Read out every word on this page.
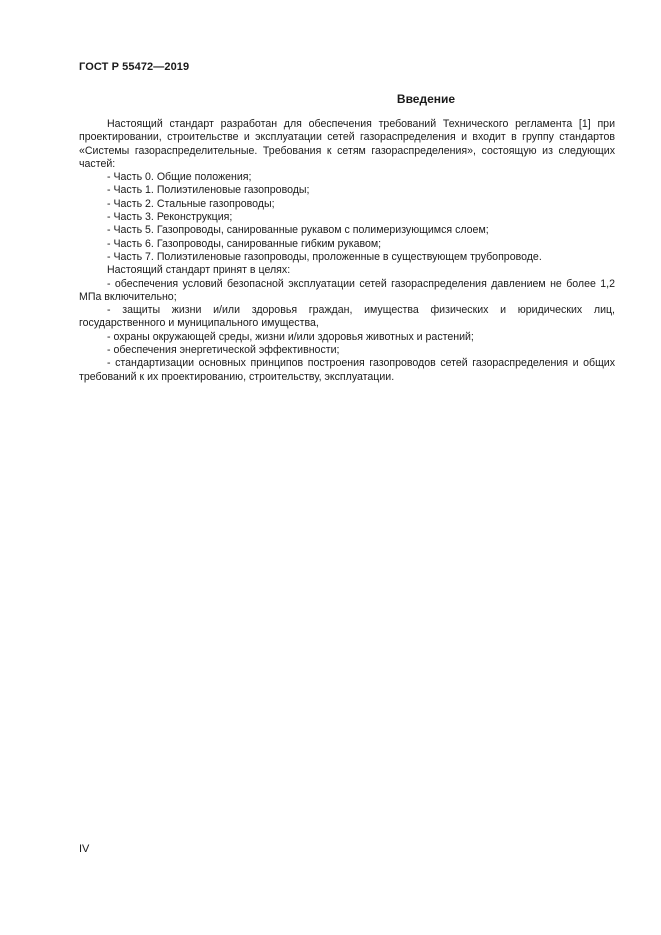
ГОСТ Р 55472—2019
Введение

Настоящий стандарт разработан для обеспечения требований Технического регламента [1] при проектировании, строительстве и эксплуатации сетей газораспределения и входит в группу стандартов «Системы газораспределительные. Требования к сетям газораспределения», состоящую из следующих частей:

- Часть 0. Общие положения;

- Часть 1. Полиэтиленовые газопроводы;

- Часть 2. Стальные газопроводы;

- Часть 3. Реконструкция;

- Часть 5. Газопроводы, санированные рукавом с полимеризующимся слоем;

- Часть 6. Газопроводы, санированные гибким рукавом;

- Часть 7. Полиэтиленовые газопроводы, проложенные в существующем трубопроводе.

Настоящий стандарт принят в целях:

- обеспечения условий безопасной эксплуатации сетей газораспределения давлением не более 1,2 МПа включительно;

- защиты жизни и/или здоровья граждан, имущества физических и юридических лиц, государственного и муниципального имущества,

- охраны окружающей среды, жизни и/или здоровья животных и растений;

- обеспечения энергетической эффективности;

- стандартизации основных принципов построения газопроводов сетей газораспределения и общих требований к их проектированию, строительству, эксплуатации.

IV
